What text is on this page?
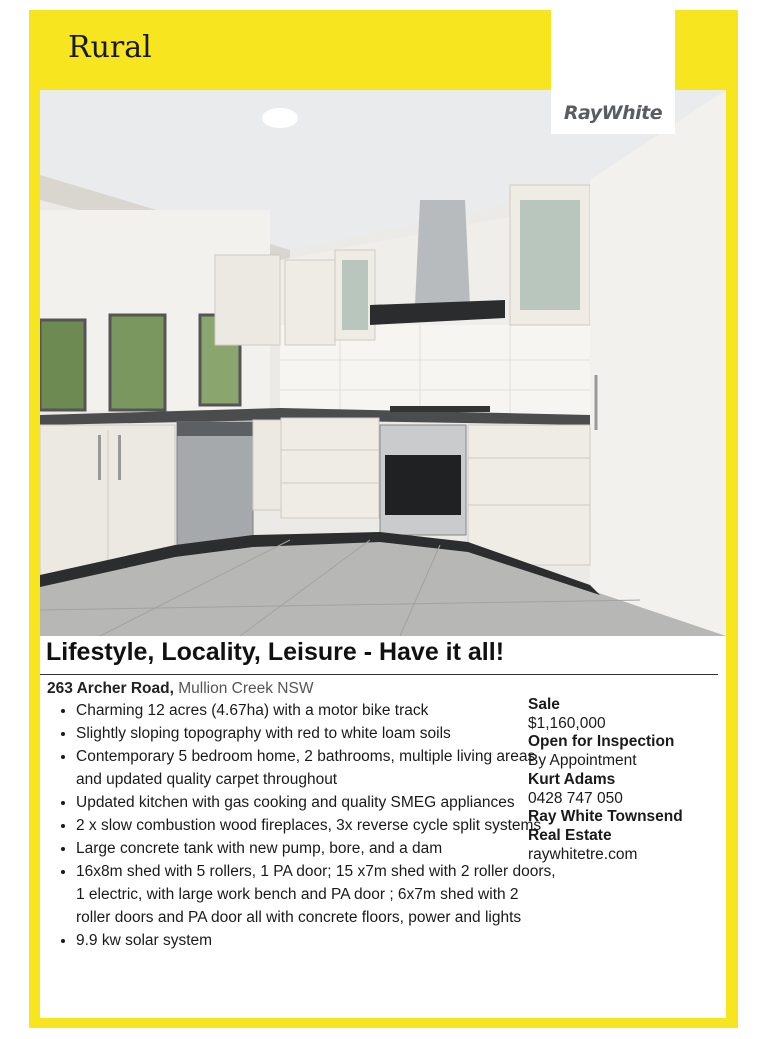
Rural
RayWhite
Lifestyle, Locality, Leisure - Have it all!
263 Archer Road, Mullion Creek NSW
• Charming 12 acres (4.67ha) with a motor bike track
• Slightly sloping topography with red to white loam soils
• Contemporary 5 bedroom home, 2 bathrooms, multiple living areas and updated quality carpet throughout
• Updated kitchen with gas cooking and quality SMEG appliances
• 2 x slow combustion wood fireplaces, 3x reverse cycle split systems
• Large concrete tank with new pump, bore, and a dam
• 16x8m shed with 5 rollers, 1 PA door; 15 x7m shed with 2 roller doors, 1 electric, with large work bench and PA door ; 6x7m shed with 2 roller doors and PA door all with concrete floors, power and lights
• 9.9 kw solar system
Sale
$1,160,000
Open for Inspection
By Appointment
Kurt Adams
0428 747 050
Ray White Townsend
Real Estate
raywhitetre.com
